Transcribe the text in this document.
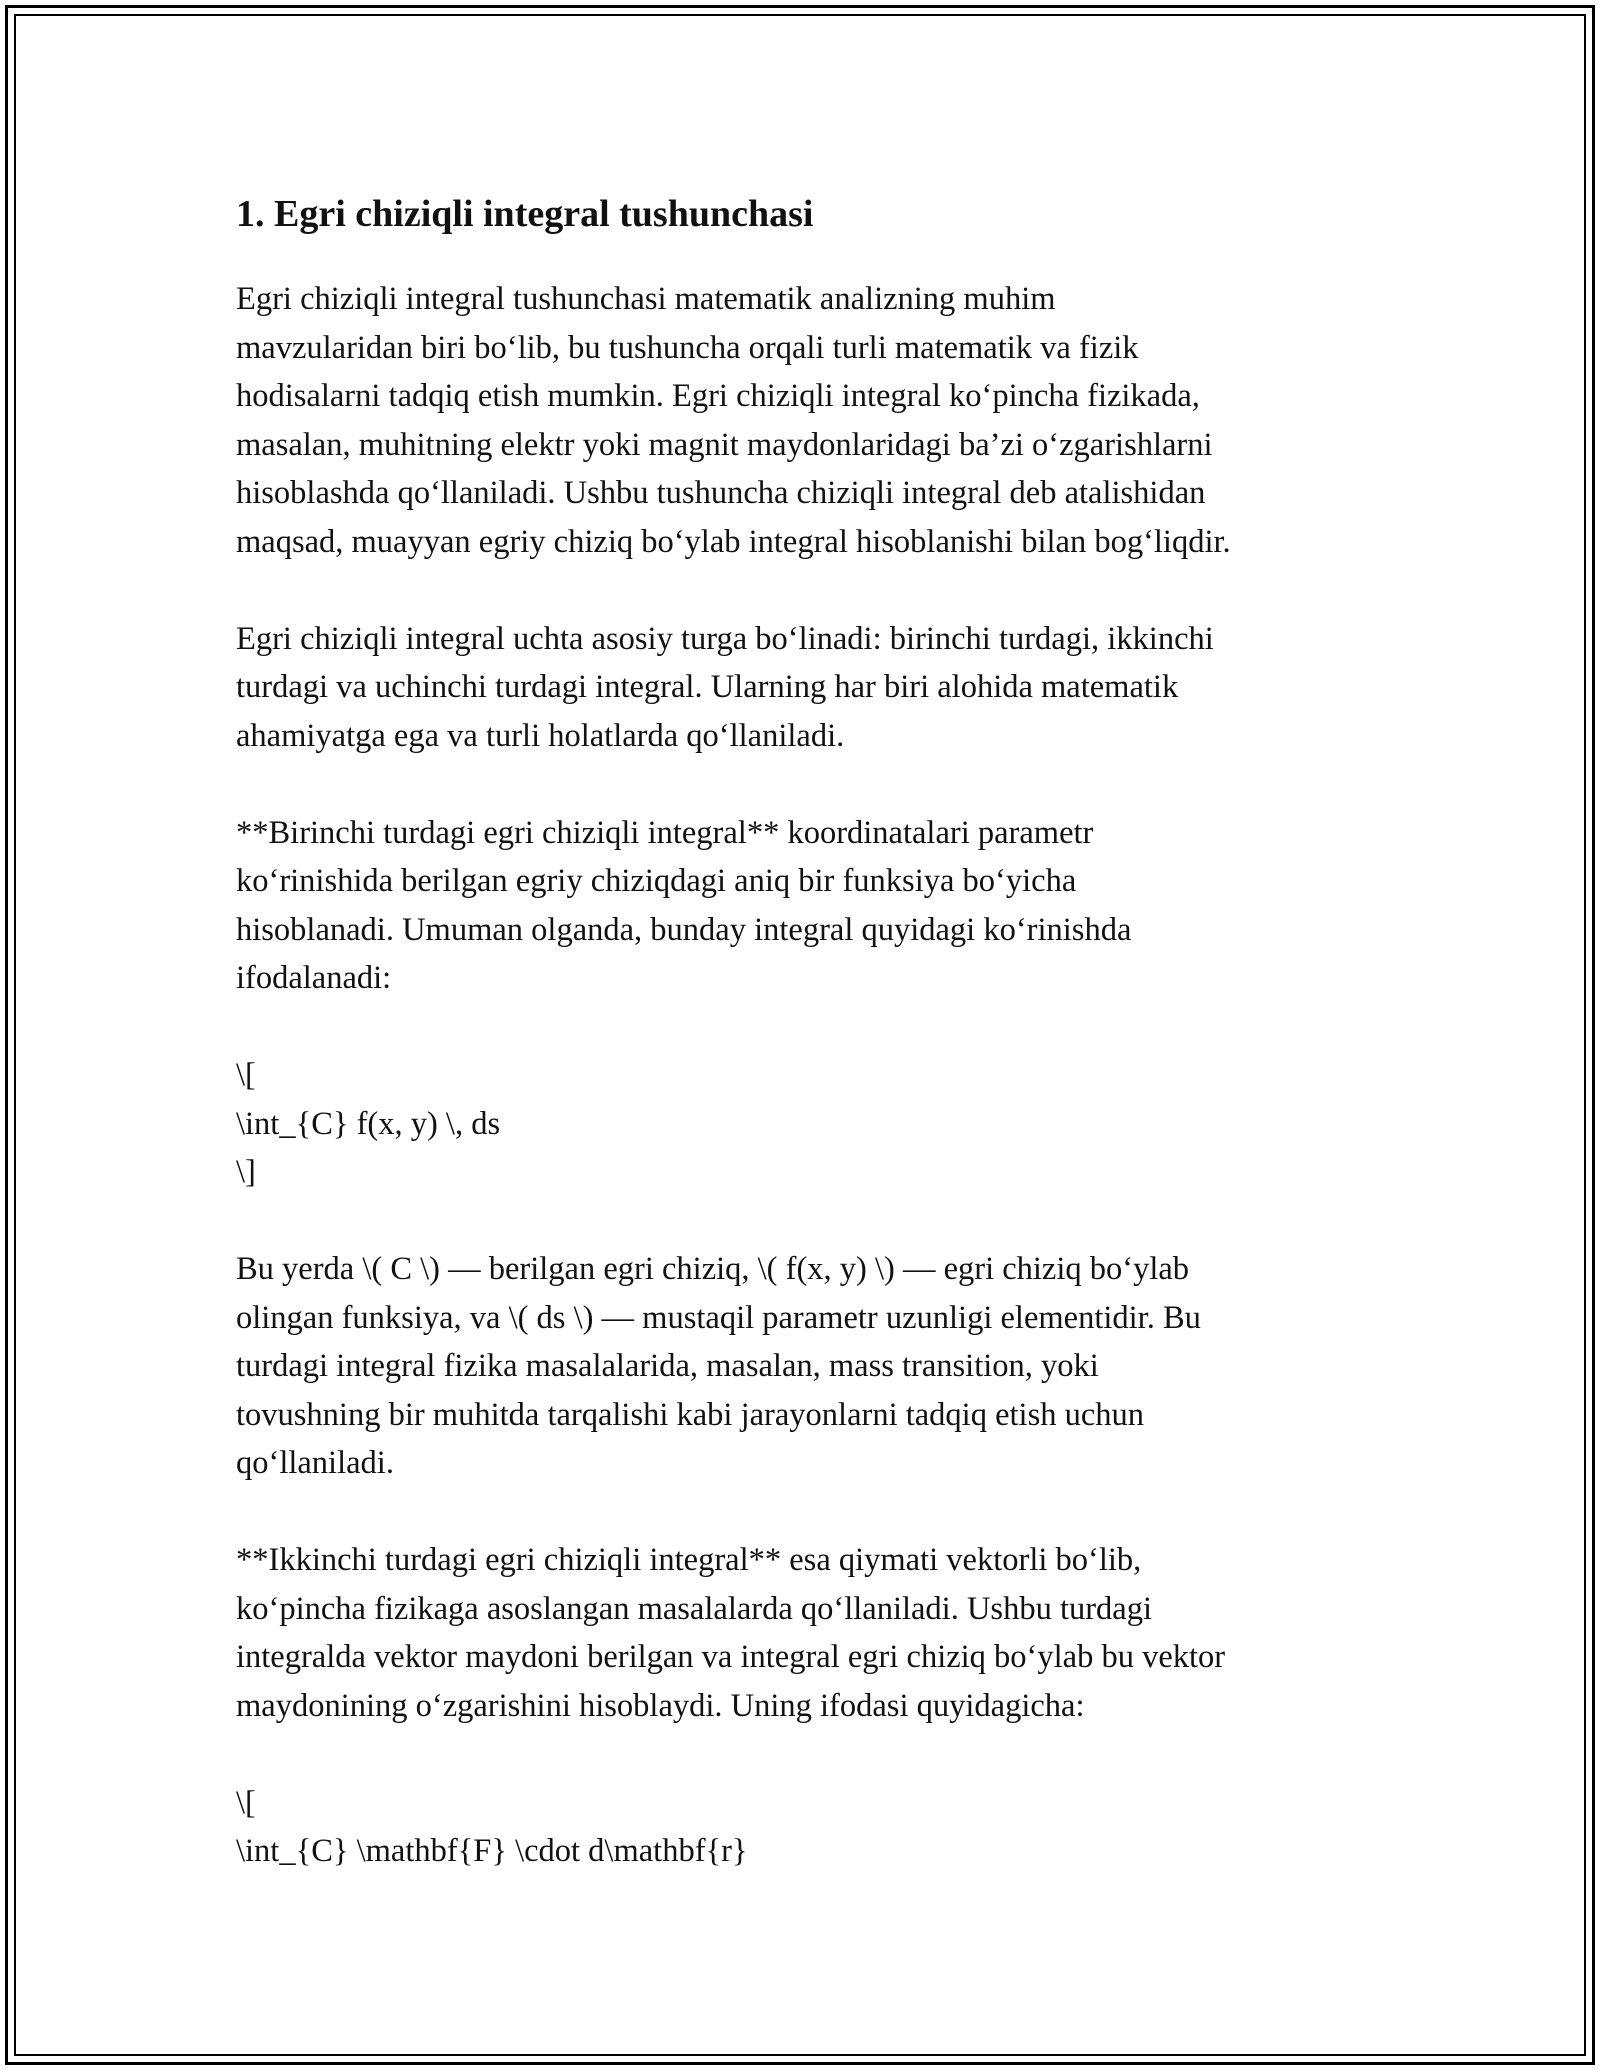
1. Egri chiziqli integral tushunchasi

Egri chiziqli integral tushunchasi matematik analizning muhim
mavzularidan biri bo‘lib, bu tushuncha orqali turli matematik va fizik
hodisalarni tadqiq etish mumkin. Egri chiziqli integral ko‘pincha fizikada,
masalan, muhitning elektr yoki magnit maydonlaridagi ba’zi o‘zgarishlarni
hisoblashda qo‘llaniladi. Ushbu tushuncha chiziqli integral deb atalishidan
maqsad, muayyan egriy chiziq bo‘ylab integral hisoblanishi bilan bog‘liqdir.

Egri chiziqli integral uchta asosiy turga bo‘linadi: birinchi turdagi, ikkinchi
turdagi va uchinchi turdagi integral. Ularning har biri alohida matematik
ahamiyatga ega va turli holatlarda qo‘llaniladi.

**Birinchi turdagi egri chiziqli integral** koordinatalari parametr
ko‘rinishida berilgan egriy chiziqdagi aniq bir funksiya bo‘yicha
hisoblanadi. Umuman olganda, bunday integral quyidagi ko‘rinishda
ifodalanadi:

\[
\int_{C} f(x, y) \, ds
\]

Bu yerda \( C \) — berilgan egri chiziq, \( f(x, y) \) — egri chiziq bo‘ylab
olingan funksiya, va \( ds \) — mustaqil parametr uzunligi elementidir. Bu
turdagi integral fizika masalalarida, masalan, mass transition, yoki
tovushning bir muhitda tarqalishi kabi jarayonlarni tadqiq etish uchun
qo‘llaniladi.

**Ikkinchi turdagi egri chiziqli integral** esa qiymati vektorli bo‘lib,
ko‘pincha fizikaga asoslangan masalalarda qo‘llaniladi. Ushbu turdagi
integralda vektor maydoni berilgan va integral egri chiziq bo‘ylab bu vektor
maydonining o‘zgarishini hisoblaydi. Uning ifodasi quyidagicha:

\[
\int_{C} \mathbf{F} \cdot d\mathbf{r}
